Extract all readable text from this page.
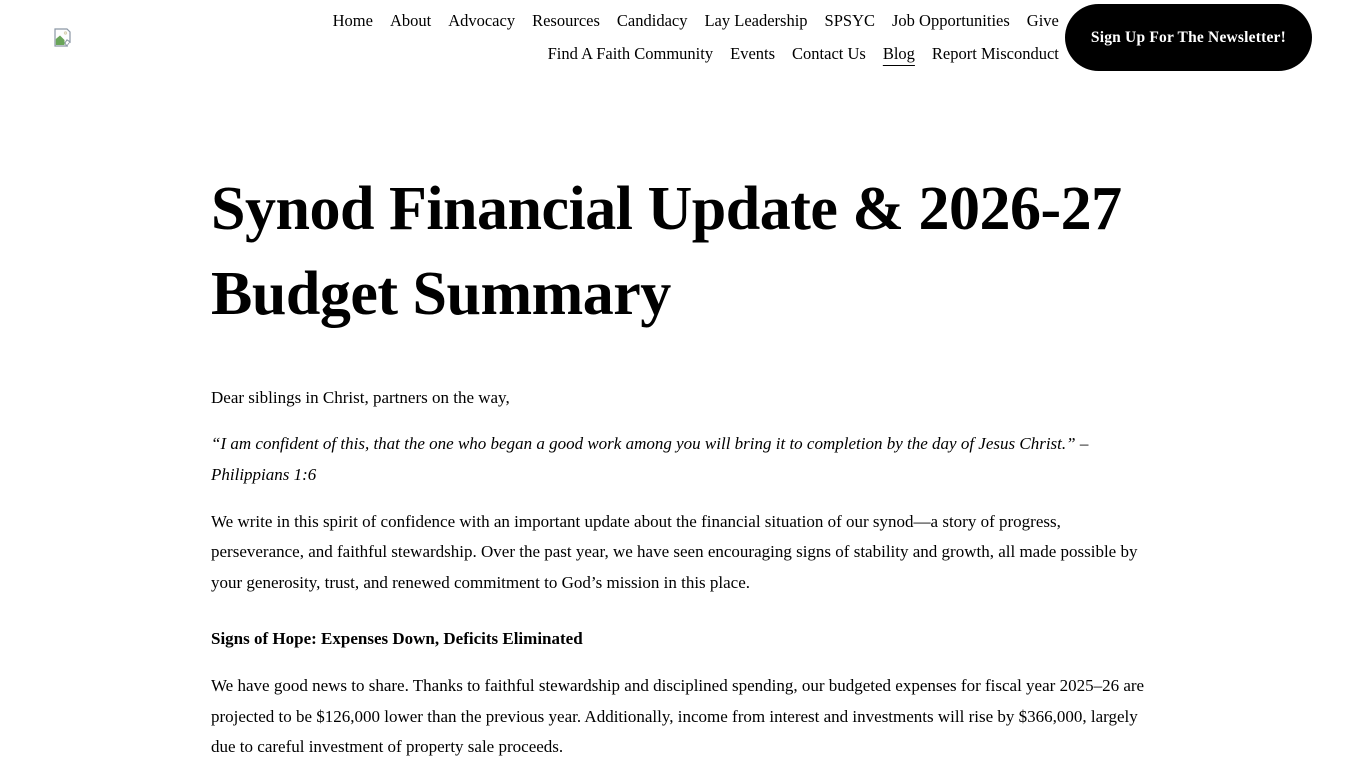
Home About Advocacy Resources Candidacy Lay Leadership SPSYC Job Opportunities Give
Find A Faith Community Events Contact Us Blog Report Misconduct
Sign Up For The Newsletter!
Synod Financial Update & 2026-27 Budget Summary

Dear siblings in Christ, partners on the way,

“I am confident of this, that the one who began a good work among you will bring it to completion by the day of Jesus Christ.” – Philippians 1:6

We write in this spirit of confidence with an important update about the financial situation of our synod—a story of progress, perseverance, and faithful stewardship. Over the past year, we have seen encouraging signs of stability and growth, all made possible by your generosity, trust, and renewed commitment to God’s mission in this place.

Signs of Hope: Expenses Down, Deficits Eliminated

We have good news to share. Thanks to faithful stewardship and disciplined spending, our budgeted expenses for fiscal year 2025–26 are projected to be $126,000 lower than the previous year. Additionally, income from interest and investments will rise by $366,000, largely due to careful investment of property sale proceeds.
